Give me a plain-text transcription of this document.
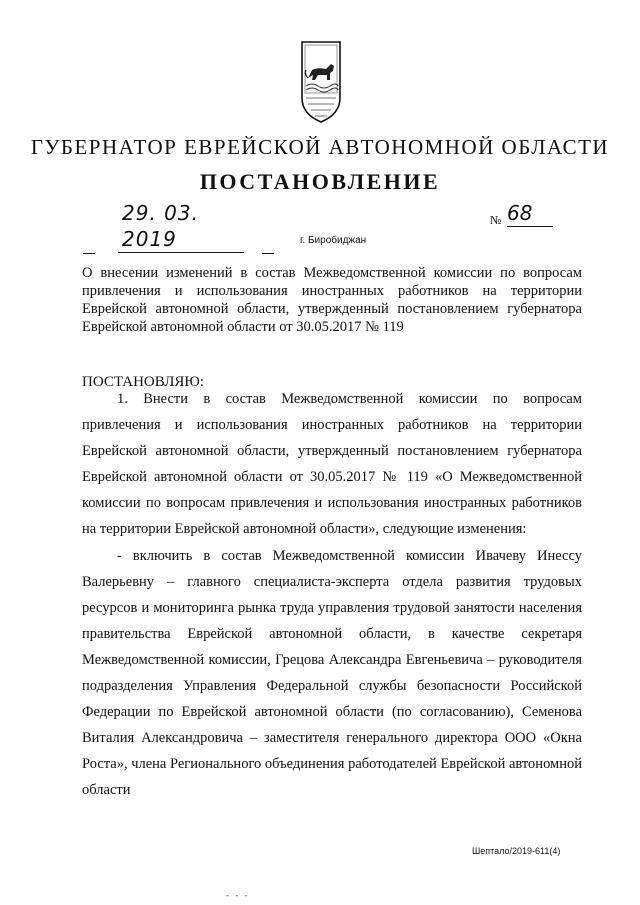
ГУБЕРНАТОР ЕВРЕЙСКОЙ АВТОНОМНОЙ ОБЛАСТИ
ПОСТАНОВЛЕНИЕ
29. 03. 2019
№ 68
г. Биробиджан
О внесении изменений в состав Межведомственной комиссии по вопросам привлечения и использования иностранных работников на территории Еврейской автономной области, утвержденный постановлением губернатора Еврейской автономной области от 30.05.2017 № 119
ПОСТАНОВЛЯЮ:

1. Внести в состав Межведомственной комиссии по вопросам привлечения и использования иностранных работников на территории Еврейской автономной области, утвержденный постановлением губернатора Еврейской автономной области от 30.05.2017 № 119 «О Межведомственной комиссии по вопросам привлечения и использования иностранных работников на территории Еврейской автономной области», следующие изменения:

- включить в состав Межведомственной комиссии Ивачеву Инессу Валерьевну – главного специалиста-эксперта отдела развития трудовых ресурсов и мониторинга рынка труда управления трудовой занятости населения правительства Еврейской автономной области, в качестве секретаря Межведомственной комиссии, Грецова Александра Евгеньевича – руководителя подразделения Управления Федеральной службы безопасности Российской Федерации по Еврейской автономной области (по согласованию), Семенова Виталия Александровича – заместителя генерального директора ООО «Окна Роста», члена Регионального объединения работодателей Еврейской автономной области

Шептало/2019-611(4)
- - -
